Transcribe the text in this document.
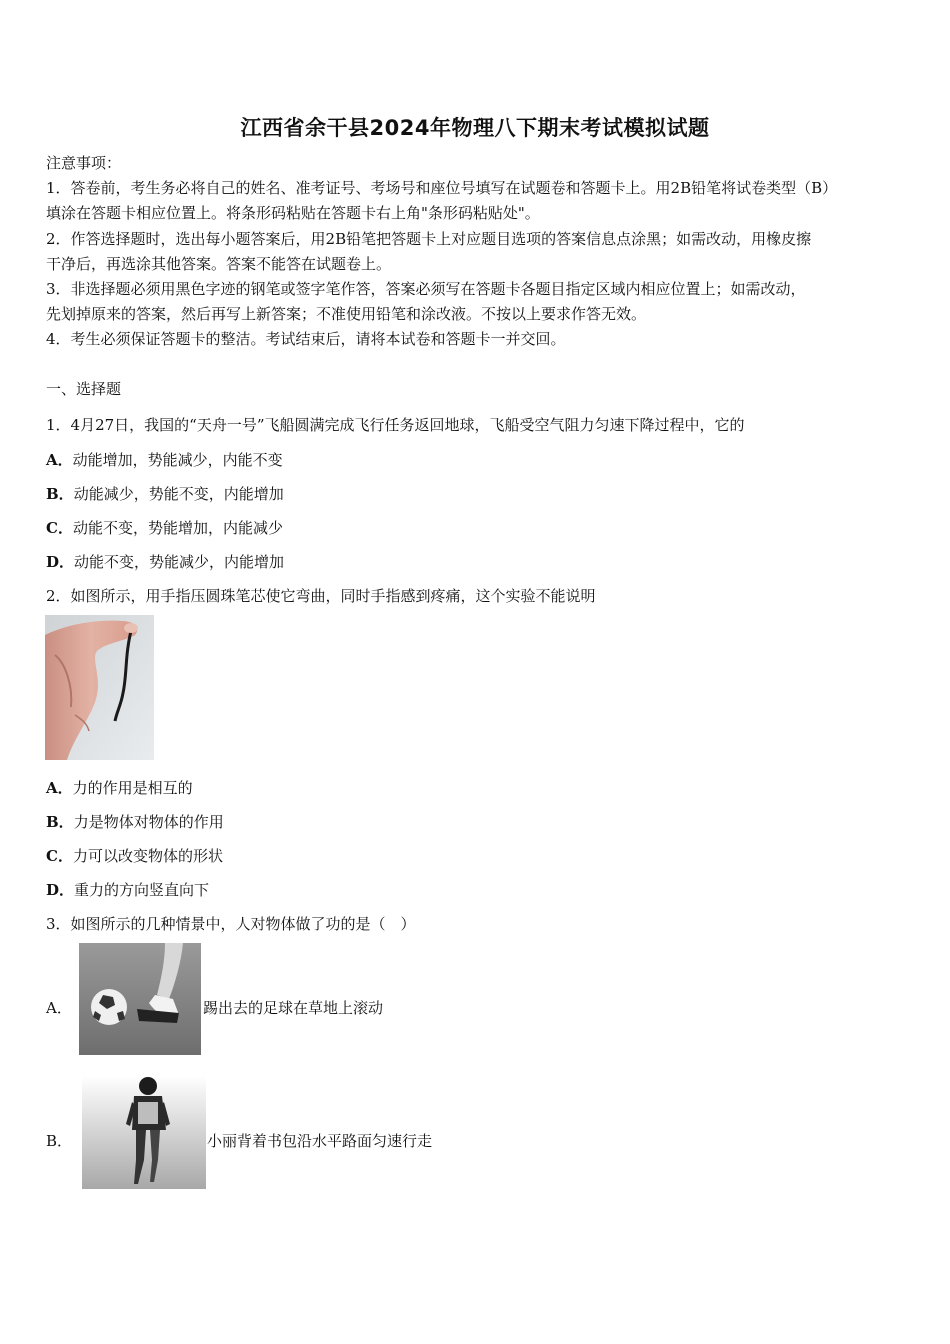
江西省余干县2024年物理八下期末考试模拟试题
注意事项：
1．答卷前，考生务必将自己的姓名、准考证号、考场号和座位号填写在试题卷和答题卡上。用2B铅笔将试卷类型（B）
填涂在答题卡相应位置上。将条形码粘贴在答题卡右上角"条形码粘贴处"。
2．作答选择题时，选出每小题答案后，用2B铅笔把答题卡上对应题目选项的答案信息点涂黑；如需改动，用橡皮擦
干净后，再选涂其他答案。答案不能答在试题卷上。
3．非选择题必须用黑色字迹的钢笔或签字笔作答，答案必须写在答题卡各题目指定区域内相应位置上；如需改动，
先划掉原来的答案，然后再写上新答案；不准使用铅笔和涂改液。不按以上要求作答无效。
4．考生必须保证答题卡的整洁。考试结束后，请将本试卷和答题卡一并交回。
一、选择题
1．4月27日，我国的“天舟一号”飞船圆满完成飞行任务返回地球，飞船受空气阻力匀速下降过程中，它的
A．动能增加，势能减少，内能不变
B．动能减少，势能不变，内能增加
C．动能不变，势能增加，内能减少
D．动能不变，势能减少，内能增加
2．如图所示，用手指压圆珠笔芯使它弯曲，同时手指感到疼痛，这个实验不能说明
A．力的作用是相互的
B．力是物体对物体的作用
C．力可以改变物体的形状
D．重力的方向竖直向下
3．如图所示的几种情景中，人对物体做了功的是（　）
A．	踢出去的足球在草地上滚动
B．	小丽背着书包沿水平路面匀速行走
